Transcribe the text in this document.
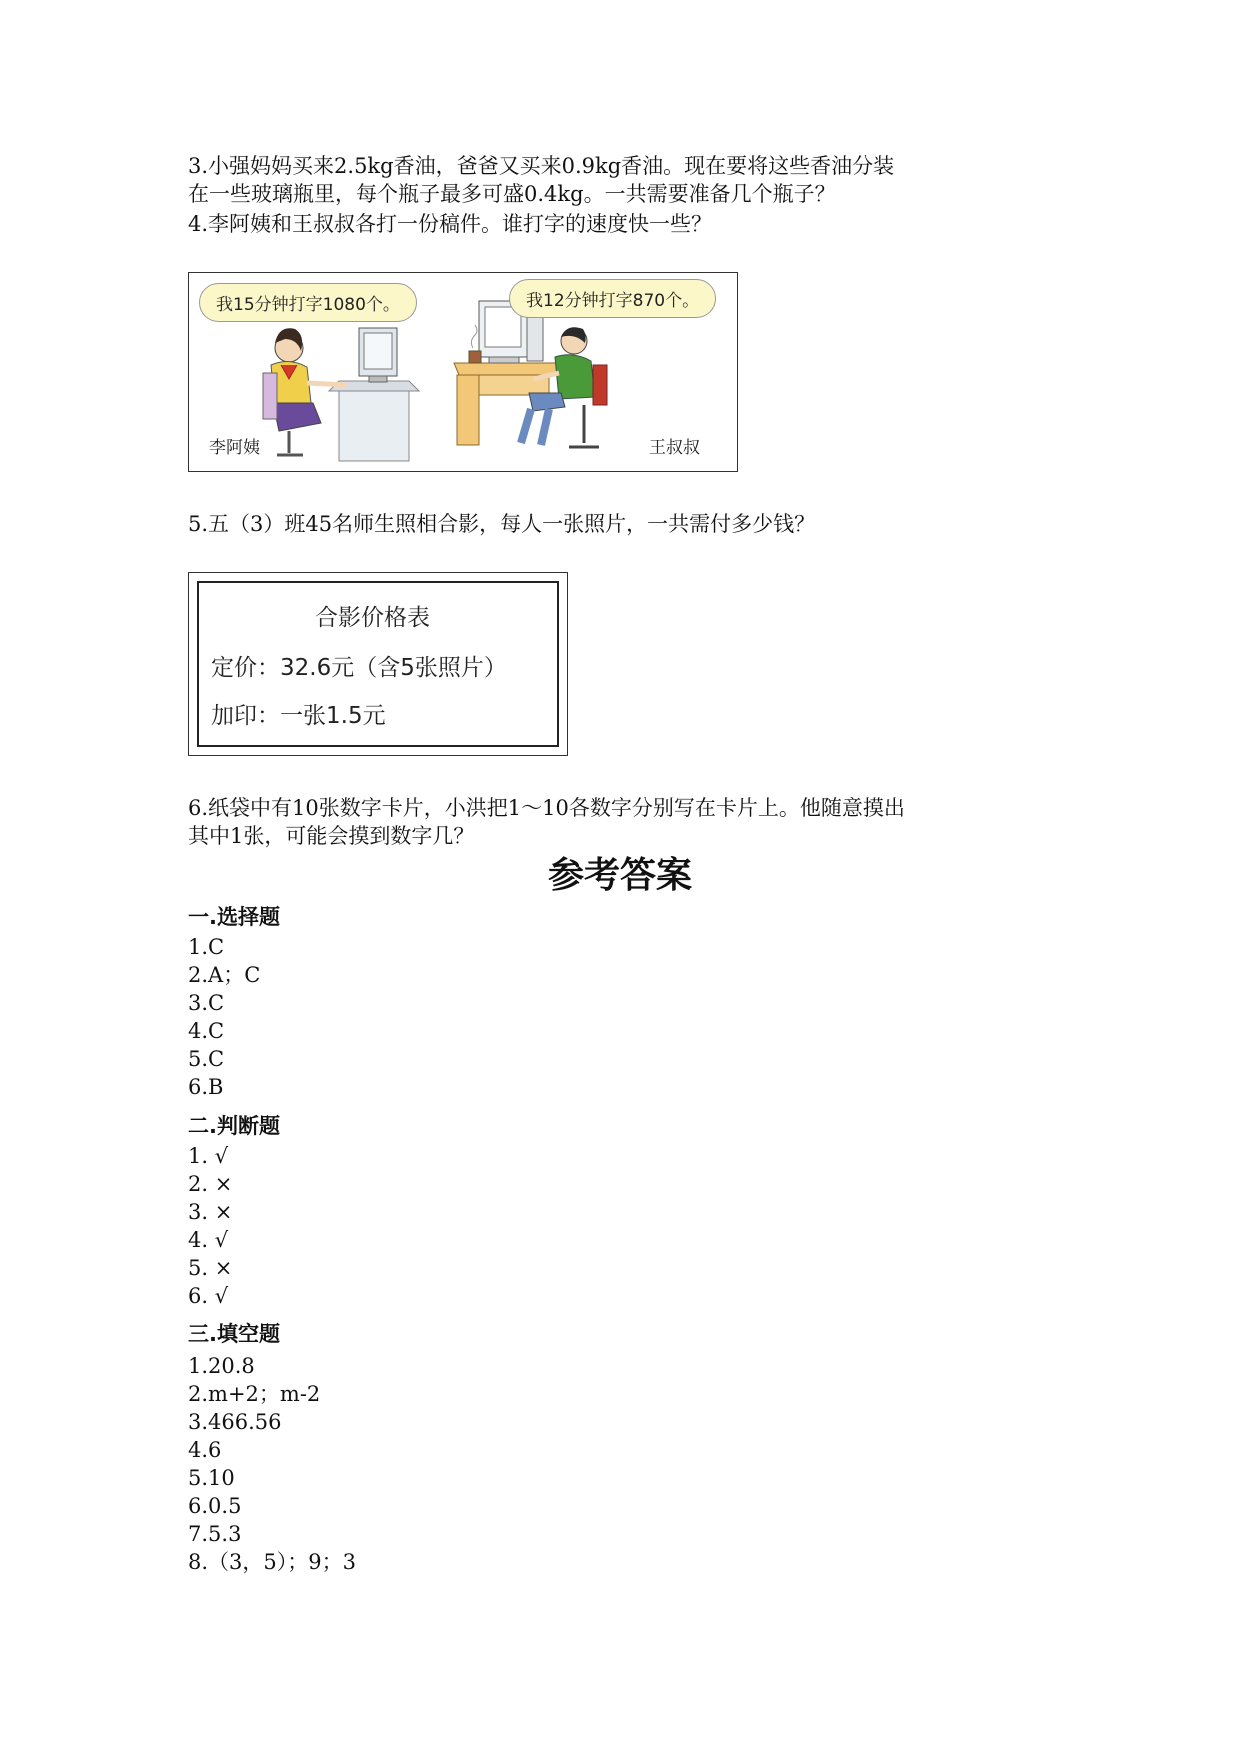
3.小强妈妈买来2.5kg香油，爸爸又买来0.9kg香油。现在要将这些香油分装
在一些玻璃瓶里，每个瓶子最多可盛0.4kg。一共需要准备几个瓶子？
4.李阿姨和王叔叔各打一份稿件。谁打字的速度快一些？
我15分钟打字1080个。	我12分钟打字870个。
李阿姨	王叔叔
5.五（3）班45名师生照相合影，每人一张照片，一共需付多少钱？
合影价格表
定价：32.6元（含5张照片）
加印：一张1.5元
6.纸袋中有10张数字卡片，小洪把1～10各数字分别写在卡片上。他随意摸出
其中1张，可能会摸到数字几？
参考答案
一.选择题
1.C
2.A；C
3.C
4.C
5.C
6.B
二.判断题
1. √
2. ×
3. ×
4. √
5. ×
6. √
三.填空题
1.20.8
2.m+2；m-2
3.466.56
4.6
5.10
6.0.5
7.5.3
8.（3，5）；9；3
